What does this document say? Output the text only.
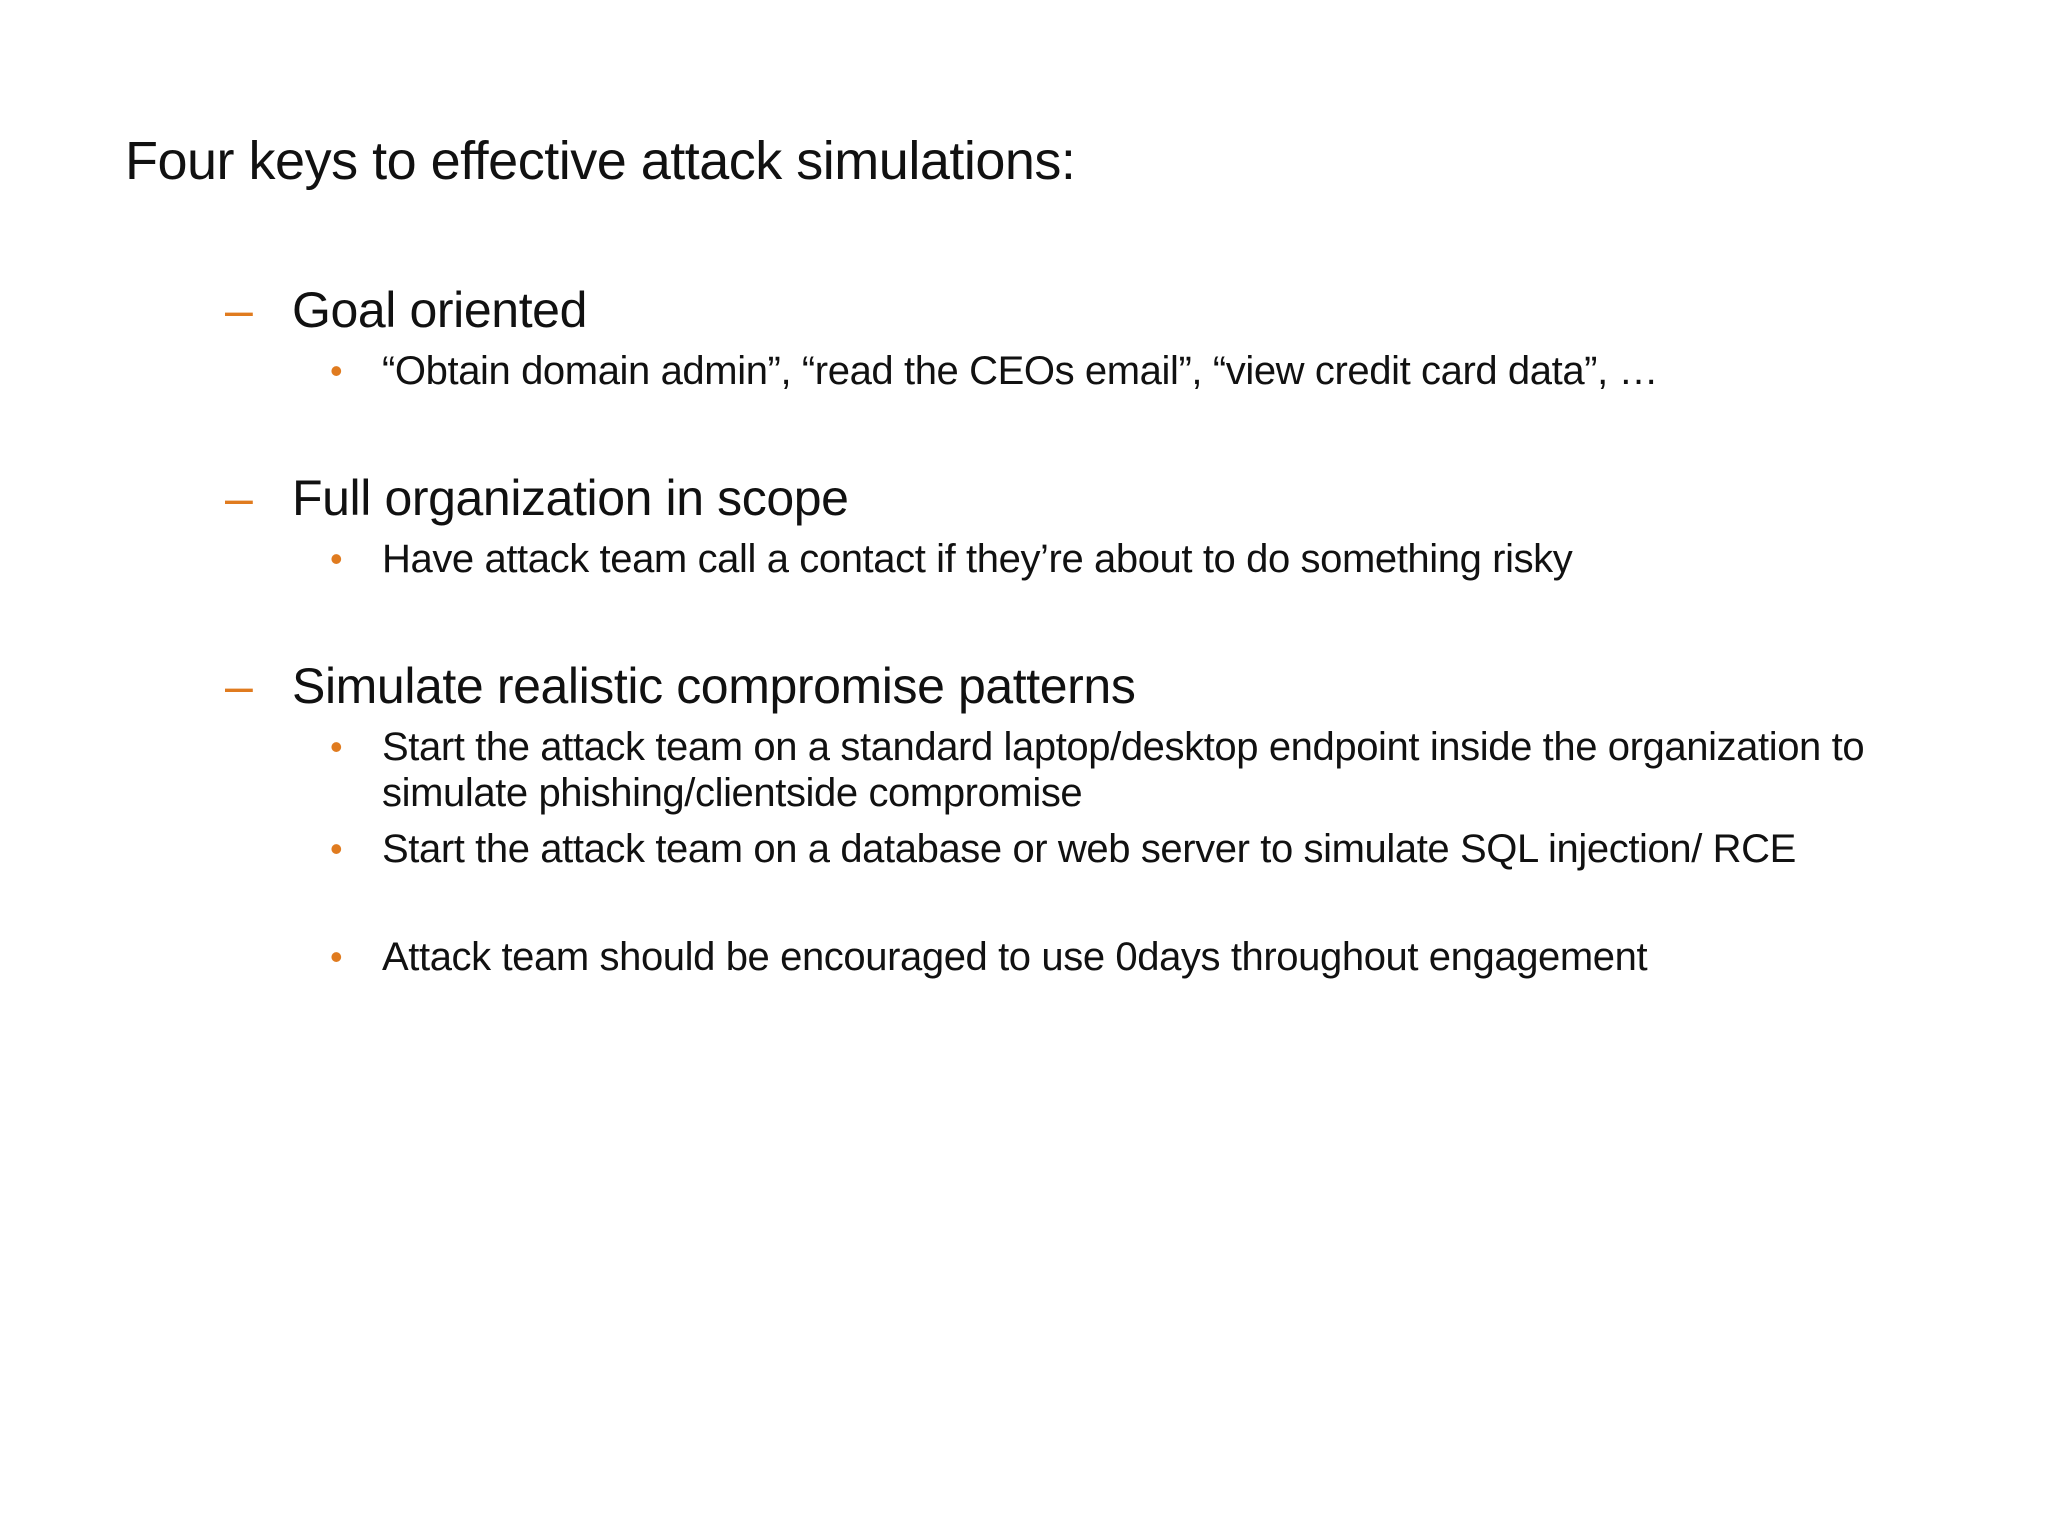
Four keys to effective attack simulations:
– Goal oriented
• “Obtain domain admin”, “read the CEOs email”, “view credit card data”, …
– Full organization in scope
• Have attack team call a contact if they’re about to do something risky
– Simulate realistic compromise patterns
• Start the attack team on a standard laptop/desktop endpoint inside the organization to simulate phishing/clientside compromise
• Start the attack team on a database or web server to simulate SQL injection/ RCE
• Attack team should be encouraged to use 0days throughout engagement
